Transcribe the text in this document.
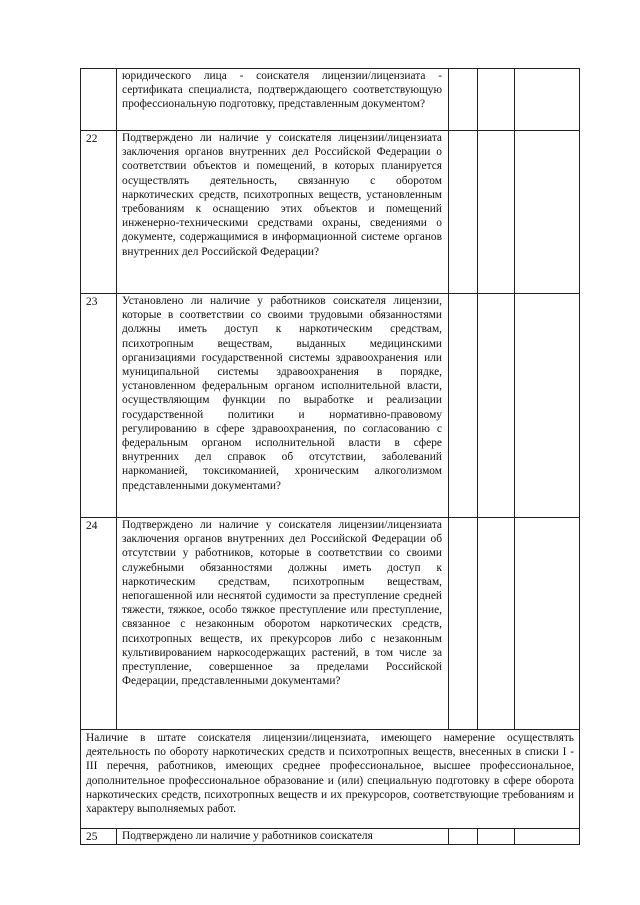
	юридического лица - соискателя лицензии/лицензиата - сертификата специалиста, подтверждающего соответствующую профессиональную подготовку, представленным документом?			
22	Подтверждено ли наличие у соискателя лицензии/лицензиата заключения органов внутренних дел Российской Федерации о соответствии объектов и помещений, в которых планируется осуществлять деятельность, связанную с оборотом наркотических средств, психотропных веществ, установленным требованиям к оснащению этих объектов и помещений инженерно-техническими средствами охраны, сведениями о документе, содержащимися в информационной системе органов внутренних дел Российской Федерации?			
23	Установлено ли наличие у работников соискателя лицензии, которые в соответствии со своими трудовыми обязанностями должны иметь доступ к наркотическим средствам, психотропным веществам, выданных медицинскими организациями государственной системы здравоохранения или муниципальной системы здравоохранения в порядке, установленном федеральным органом исполнительной власти, осуществляющим функции по выработке и реализации государственной политики и нормативно-правовому регулированию в сфере здравоохранения, по согласованию с федеральным органом исполнительной власти в сфере внутренних дел справок об отсутствии, заболеваний наркоманией, токсикоманией, хроническим алкоголизмом представленными документами?			
24	Подтверждено ли наличие у соискателя лицензии/лицензиата заключения органов внутренних дел Российской Федерации об отсутствии у работников, которые в соответствии со своими служебными обязанностями должны иметь доступ к наркотическим средствам, психотропным веществам, непогашенной или неснятой судимости за преступление средней тяжести, тяжкое, особо тяжкое преступление или преступление, связанное с незаконным оборотом наркотических средств, психотропных веществ, их прекурсоров либо с незаконным культивированием наркосодержащих растений, в том числе за преступление, совершенное за пределами Российской Федерации, представленными документами?			
Наличие в штате соискателя лицензии/лицензиата, имеющего намерение осуществлять деятельность по обороту наркотических средств и психотропных веществ, внесенных в списки I - III перечня, работников, имеющих среднее профессиональное, высшее профессиональное, дополнительное профессиональное образование и (или) специальную подготовку в сфере оборота наркотических средств, психотропных веществ и их прекурсоров, соответствующие требованиям и характеру выполняемых работ.				
25	Подтверждено ли наличие у работников соискателя			
